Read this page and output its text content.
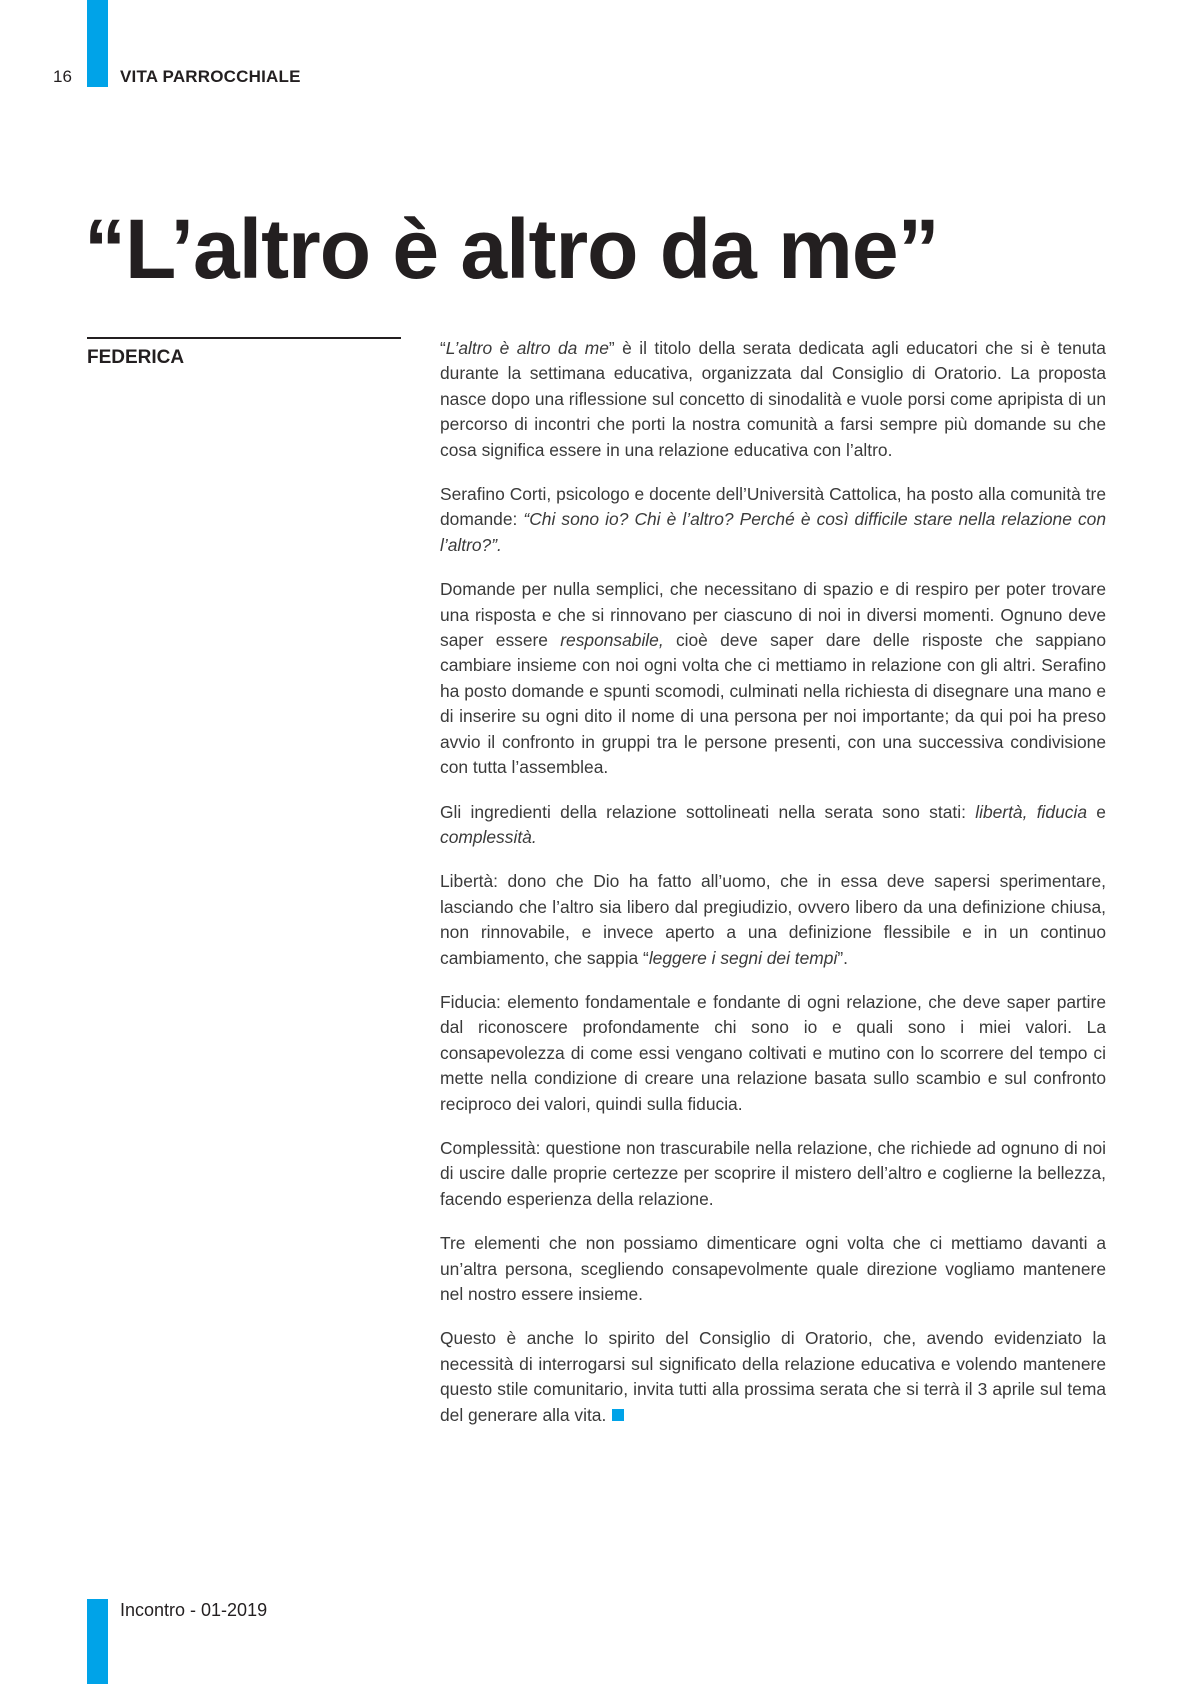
16	VITA PARROCCHIALE
“L’altro è altro da me”
FEDERICA	“L’altro è altro da me” è il titolo della serata dedicata agli educatori che si è tenuta durante la settimana educativa, organizzata dal Consiglio di Oratorio. La proposta nasce dopo una riflessione sul concetto di sinodalità e vuole porsi come apripista di un percorso di incontri che porti la nostra comunità a farsi sempre più domande su che cosa significa essere in una relazione educativa con l’altro.

Serafino Corti, psicologo e docente dell’Università Cattolica, ha posto alla comunità tre domande: “Chi sono io? Chi è l’altro? Perché è così difficile stare nella relazione con l’altro?”.

Domande per nulla semplici, che necessitano di spazio e di respiro per poter trovare una risposta e che si rinnovano per ciascuno di noi in diversi momenti. Ognuno deve saper essere responsabile, cioè deve saper dare delle risposte che sappiano cambiare insieme con noi ogni volta che ci mettiamo in relazione con gli altri. Serafino ha posto domande e spunti scomodi, culminati nella richiesta di disegnare una mano e di inserire su ogni dito il nome di una persona per noi importante; da qui poi ha preso avvio il confronto in gruppi tra le persone presenti, con una successiva condivisione con tutta l’assemblea.

Gli ingredienti della relazione sottolineati nella serata sono stati: libertà, fiducia e complessità.

Libertà: dono che Dio ha fatto all’uomo, che in essa deve sapersi sperimentare, lasciando che l’altro sia libero dal pregiudizio, ovvero libero da una definizione chiusa, non rinnovabile, e invece aperto a una definizione flessibile e in un continuo cambiamento, che sappia “leggere i segni dei tempi”.

Fiducia: elemento fondamentale e fondante di ogni relazione, che deve saper partire dal riconoscere profondamente chi sono io e quali sono i miei valori. La consapevolezza di come essi vengano coltivati e mutino con lo scorrere del tempo ci mette nella condizione di creare una relazione basata sullo scambio e sul confronto reciproco dei valori, quindi sulla fiducia.

Complessità: questione non trascurabile nella relazione, che richiede ad ognuno di noi di uscire dalle proprie certezze per scoprire il mistero dell’altro e coglierne la bellezza, facendo esperienza della relazione.

Tre elementi che non possiamo dimenticare ogni volta che ci mettiamo davanti a un’altra persona, scegliendo consapevolmente quale direzione vogliamo mantenere nel nostro essere insieme.

Questo è anche lo spirito del Consiglio di Oratorio, che, avendo evidenziato la necessità di interrogarsi sul significato della relazione educativa e volendo mantenere questo stile comunitario, invita tutti alla prossima serata che si terrà il 3 aprile sul tema del generare alla vita.

Incontro - 01-2019
